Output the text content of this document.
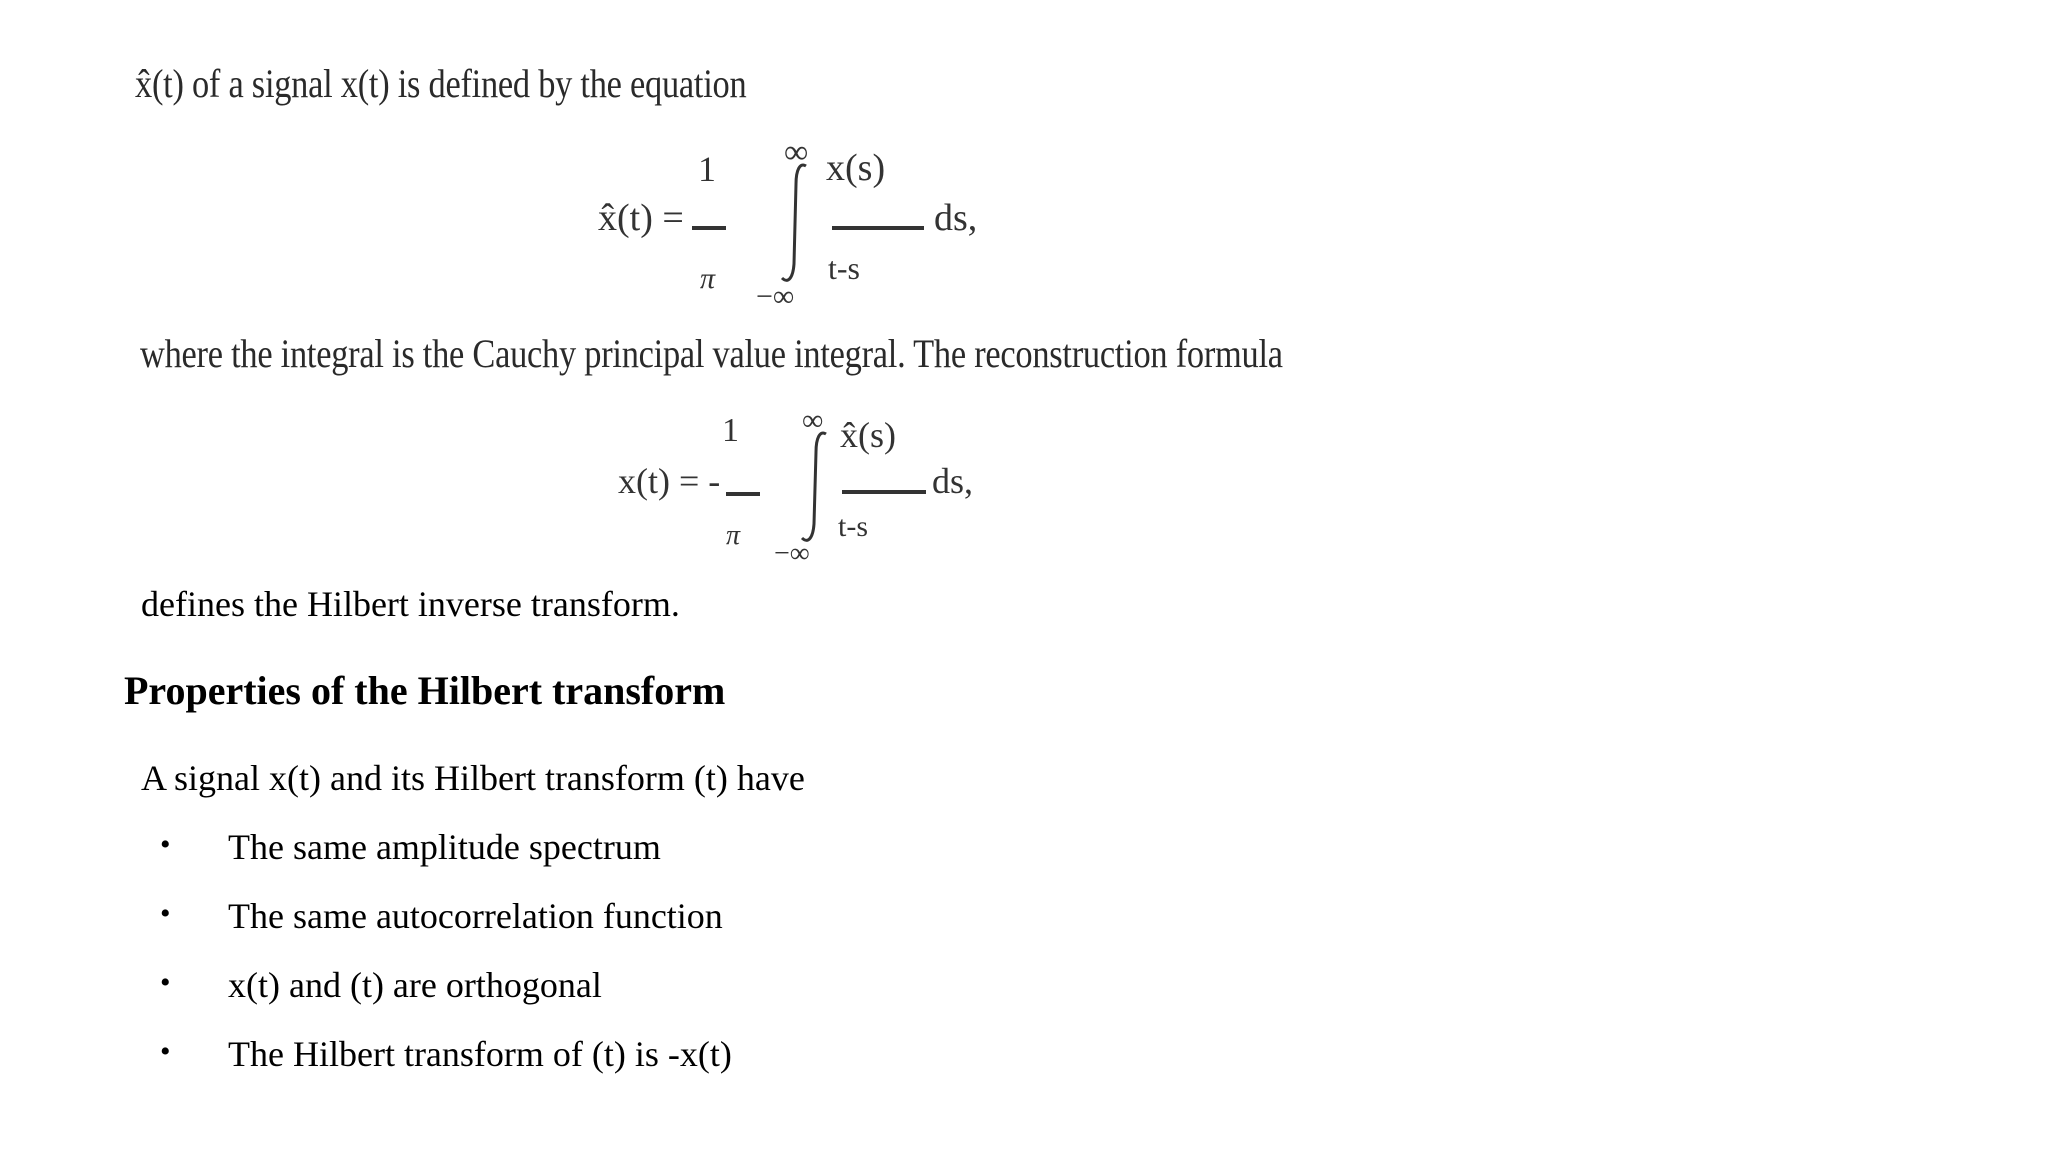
x̂(t) of a signal x(t) is defined by the equation
x̂(t) =
1
π
∞
−∞
x(s)
t-s
ds,
where the integral is the Cauchy principal value integral. The reconstruction formula
x(t) = -
1
π
∞
−∞
x̂(s)
t-s
ds,
defines the Hilbert inverse transform.
Properties of the Hilbert transform
A signal x(t) and its Hilbert transform (t) have
• The same amplitude spectrum
• The same autocorrelation function
• x(t) and (t) are orthogonal
• The Hilbert transform of (t) is -x(t)
